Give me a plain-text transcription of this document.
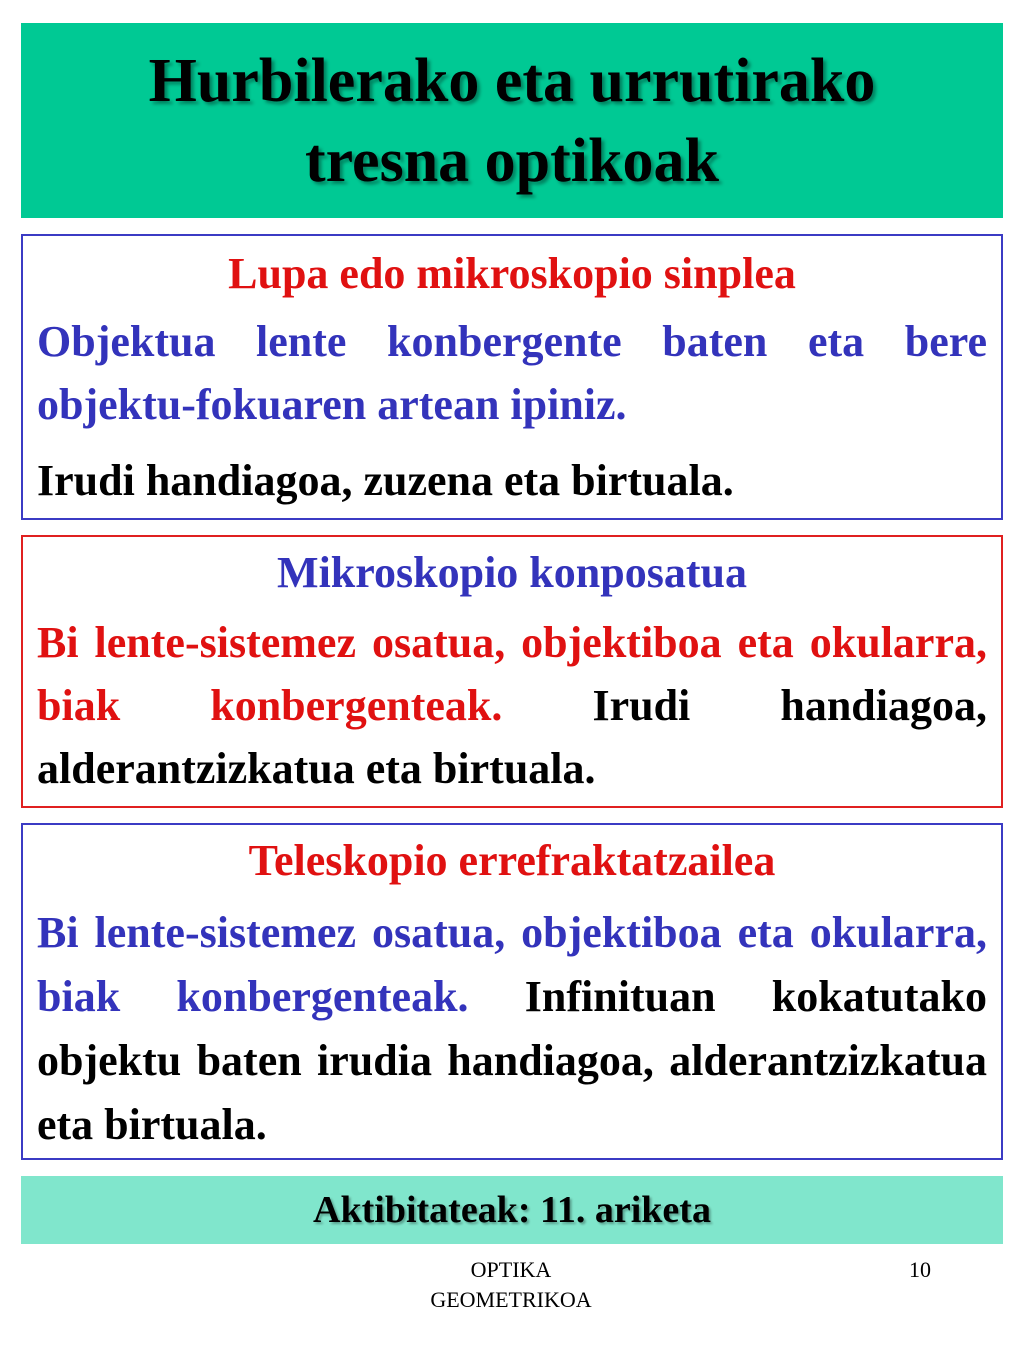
Hurbilerako eta urrutirako
tresna optikoak
Lupa edo mikroskopio sinplea

Objektua lente konbergente baten eta bere objektu-fokuaren artean ipiniz.

Irudi handiagoa, zuzena eta birtuala.

Mikroskopio konposatua

Bi lente-sistemez osatua, objektiboa eta okularra, biak konbergenteak. Irudi handiagoa, alderantzizkatua eta birtuala.

Teleskopio errefraktatzailea

Bi lente-sistemez osatua, objektiboa eta okularra, biak konbergenteak. Infinituan kokatutako objektu baten irudia handiagoa, alderantzizkatua eta birtuala.

Aktibitateak: 11. ariketa
OPTIKA
GEOMETRIKOA
10
